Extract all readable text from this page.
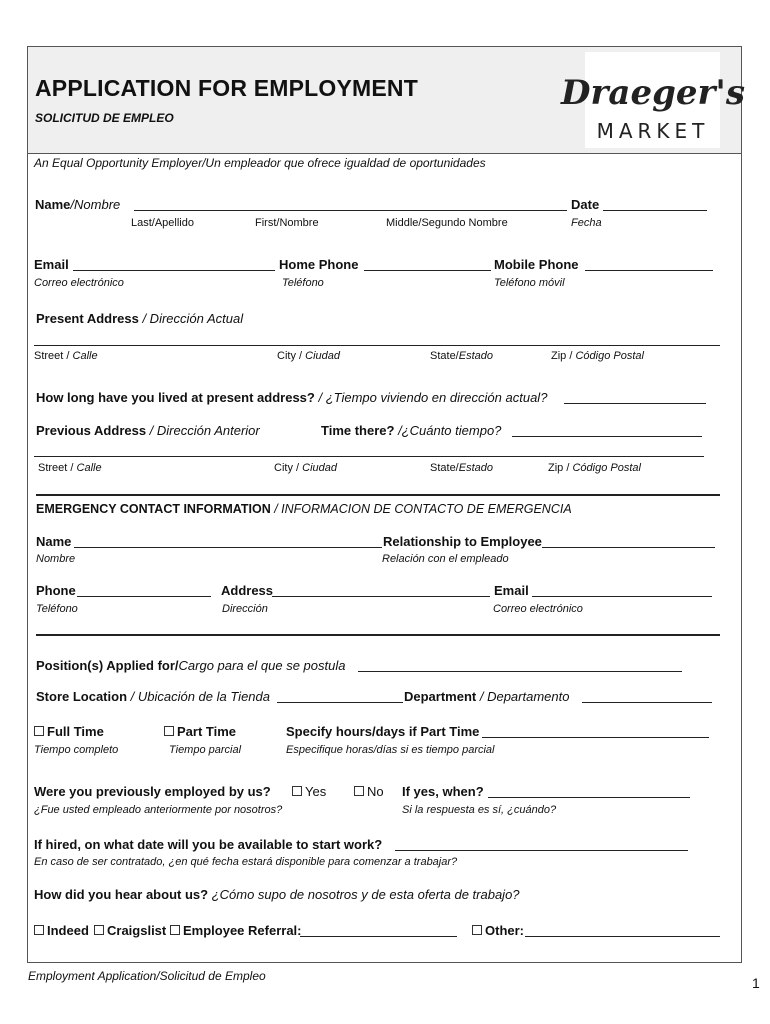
APPLICATION FOR EMPLOYMENT
SOLICITUD DE EMPLEO
Draeger's
MARKET
An Equal Opportunity Employer/Un empleador que ofrece igualdad de oportunidades
Name/Nombre	Date
Last/Apellido	First/Nombre	Middle/Segundo Nombre	Fecha
Email	Home Phone	Mobile Phone
Correo electrónico	Teléfono	Teléfono móvil
Present Address / Dirección Actual
Street / Calle	City / Ciudad	State/Estado	Zip / Código Postal
How long have you lived at present address? / ¿Tiempo viviendo en dirección actual?
Previous Address / Dirección Anterior	Time there? /¿Cuánto tiempo?
Street / Calle	City / Ciudad	State/Estado	Zip / Código Postal
EMERGENCY CONTACT INFORMATION / INFORMACION DE CONTACTO DE EMERGENCIA
Name	Relationship to Employee
Nombre	Relación con el empleado
Phone	Address	Email
Teléfono	Dirección	Correo electrónico
Position(s) Applied for/Cargo para el que se postula
Store Location / Ubicación de la Tienda	Department / Departamento
Full Time	Part Time	Specify hours/days if Part Time
Tiempo completo	Tiempo parcial	Especifique horas/días si es tiempo parcial
Were you previously employed by us?	Yes	No If yes, when?
¿Fue usted empleado anteriormente por nosotros?	Si la respuesta es sí, ¿cuándo?
If hired, on what date will you be available to start work?
En caso de ser contratado, ¿en qué fecha estará disponible para comenzar a trabajar?
How did you hear about us? ¿Cómo supo de nosotros y de esta oferta de trabajo?
Indeed	Craigslist	Employee Referral:	Other:
Employment Application/Solicitud de Empleo	1
